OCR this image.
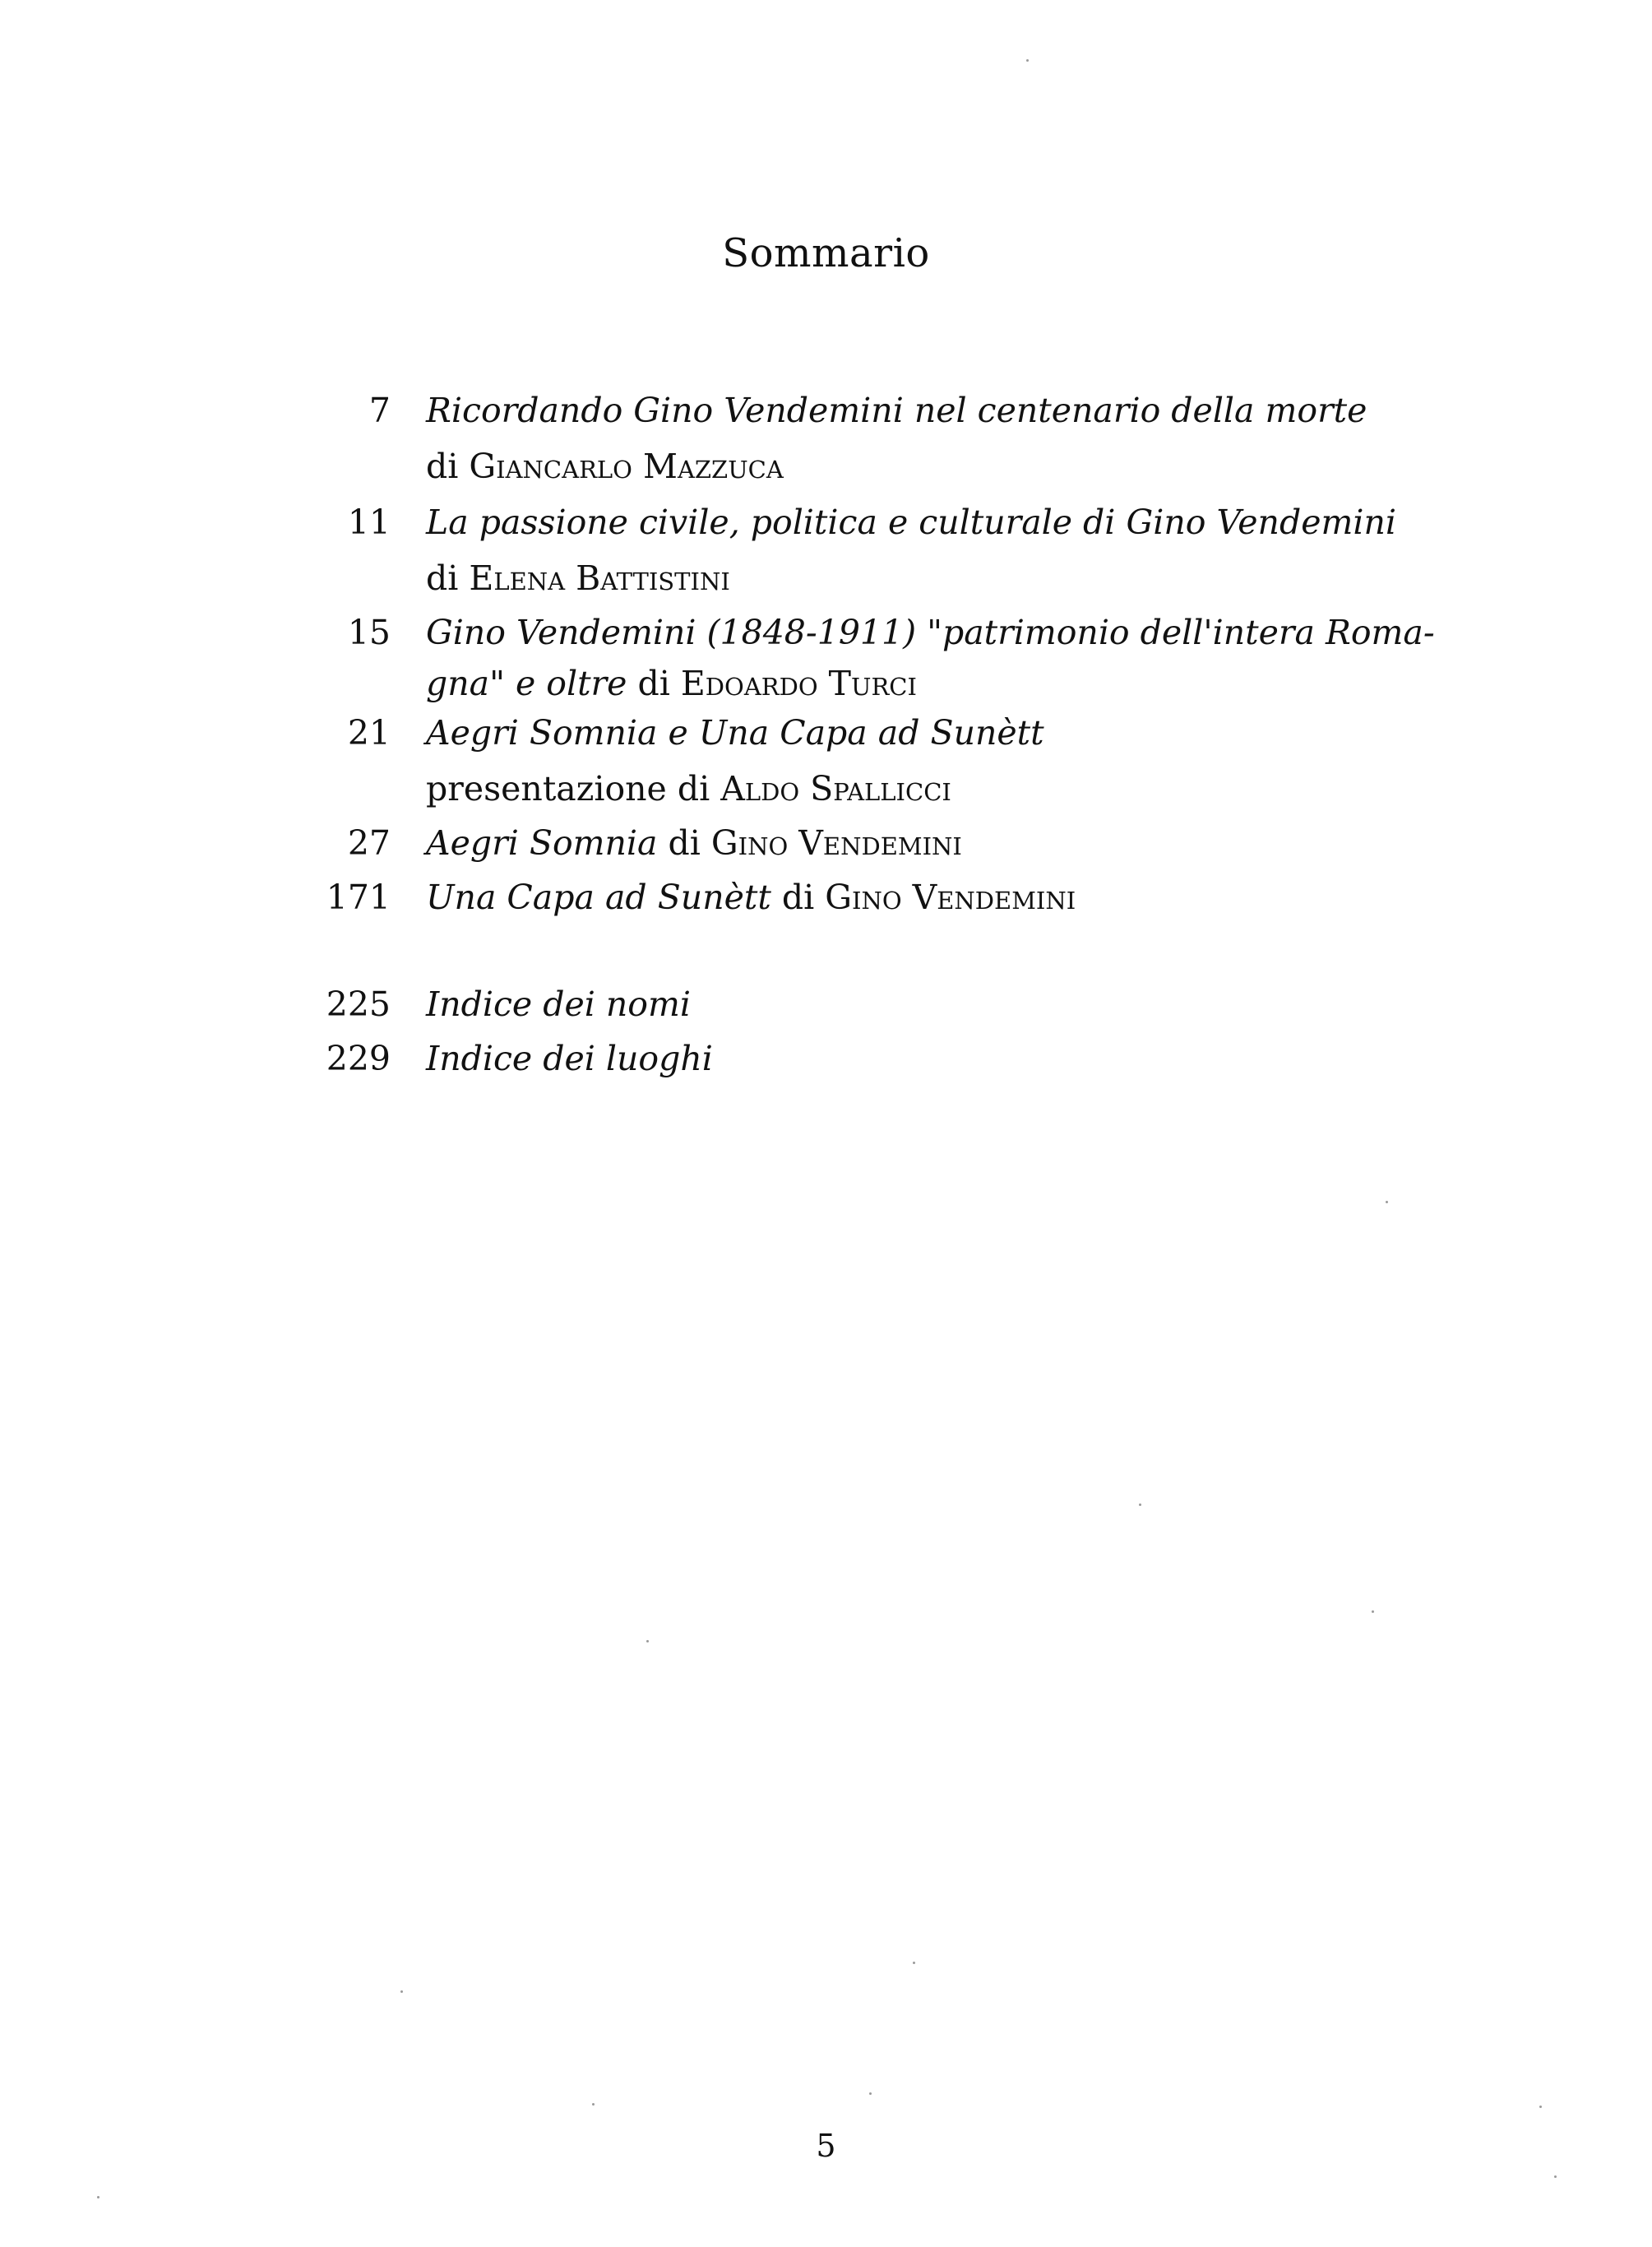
Sommario
7 Ricordando Gino Vendemini nel centenario della morte
di Giancarlo Mazzuca
11 La passione civile, politica e culturale di Gino Vendemini
di Elena Battistini
15 Gino Vendemini (1848-1911) "patrimonio dell'intera Roma-
gna" e oltre di Edoardo Turci
21 Aegri Somnia e Una Capa ad Sunètt
presentazione di Aldo Spallicci
27 Aegri Somnia di Gino Vendemini
171 Una Capa ad Sunètt di Gino Vendemini
225 Indice dei nomi
229 Indice dei luoghi
5
